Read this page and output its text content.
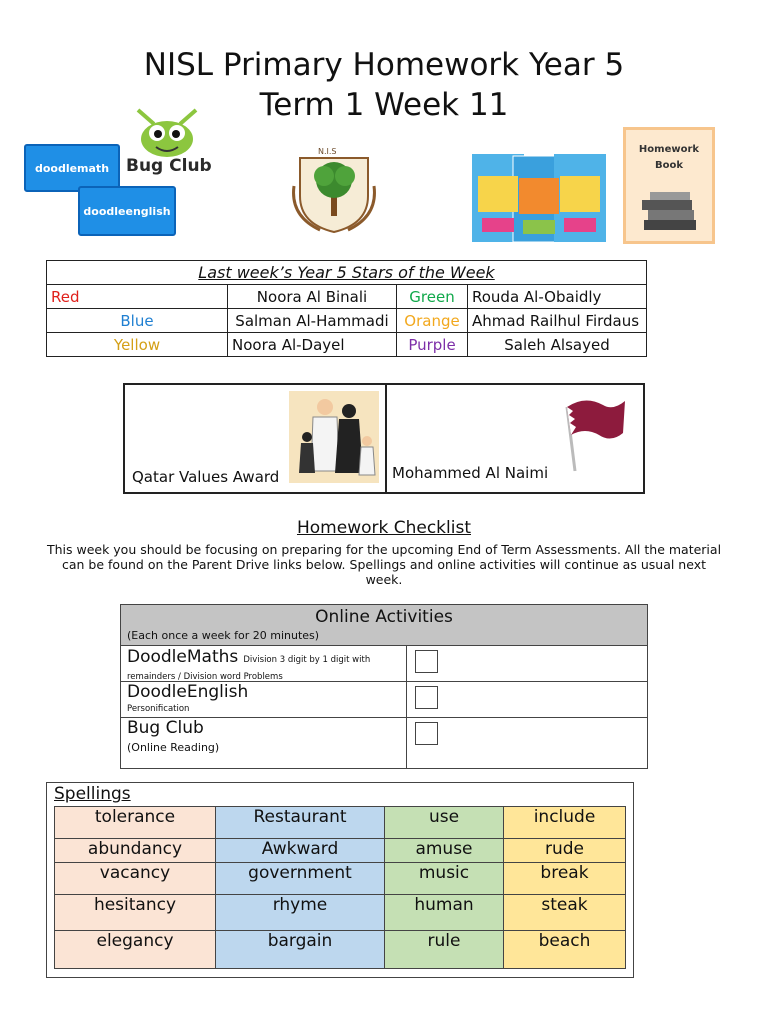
NISL Primary Homework Year 5
Term 1 Week 11
doodlemath Bug Club
doodleenglish
N.I.S	Homework
Book
Last week’s Year 5 Stars of the Week			
Red	Noora Al Binali	Green	Rouda Al-Obaidly
Blue	Salman Al-Hammadi	Orange	Ahmad Railhul Firdaus
Yellow	Noora Al-Dayel	Purple	Saleh Alsayed
Qatar Values Award	Mohammed Al Naimi
Homework Checklist
This week you should be focusing on preparing for the upcoming End of Term Assessments. All the material can be found on the Parent Drive links below. Spellings and online activities will continue as usual next week.
Online Activities
(Each once a week for 20 minutes)
DoodleMaths Division 3 digit by 1 digit with remainders / Division word Problems
DoodleEnglish
Personification
Bug Club
(Online Reading)
Spellings
tolerance	Restaurant	use	include
abundancy	Awkward	amuse	rude
vacancy	government	music	break
hesitancy	rhyme	human	steak
elegancy	bargain	rule	beach
